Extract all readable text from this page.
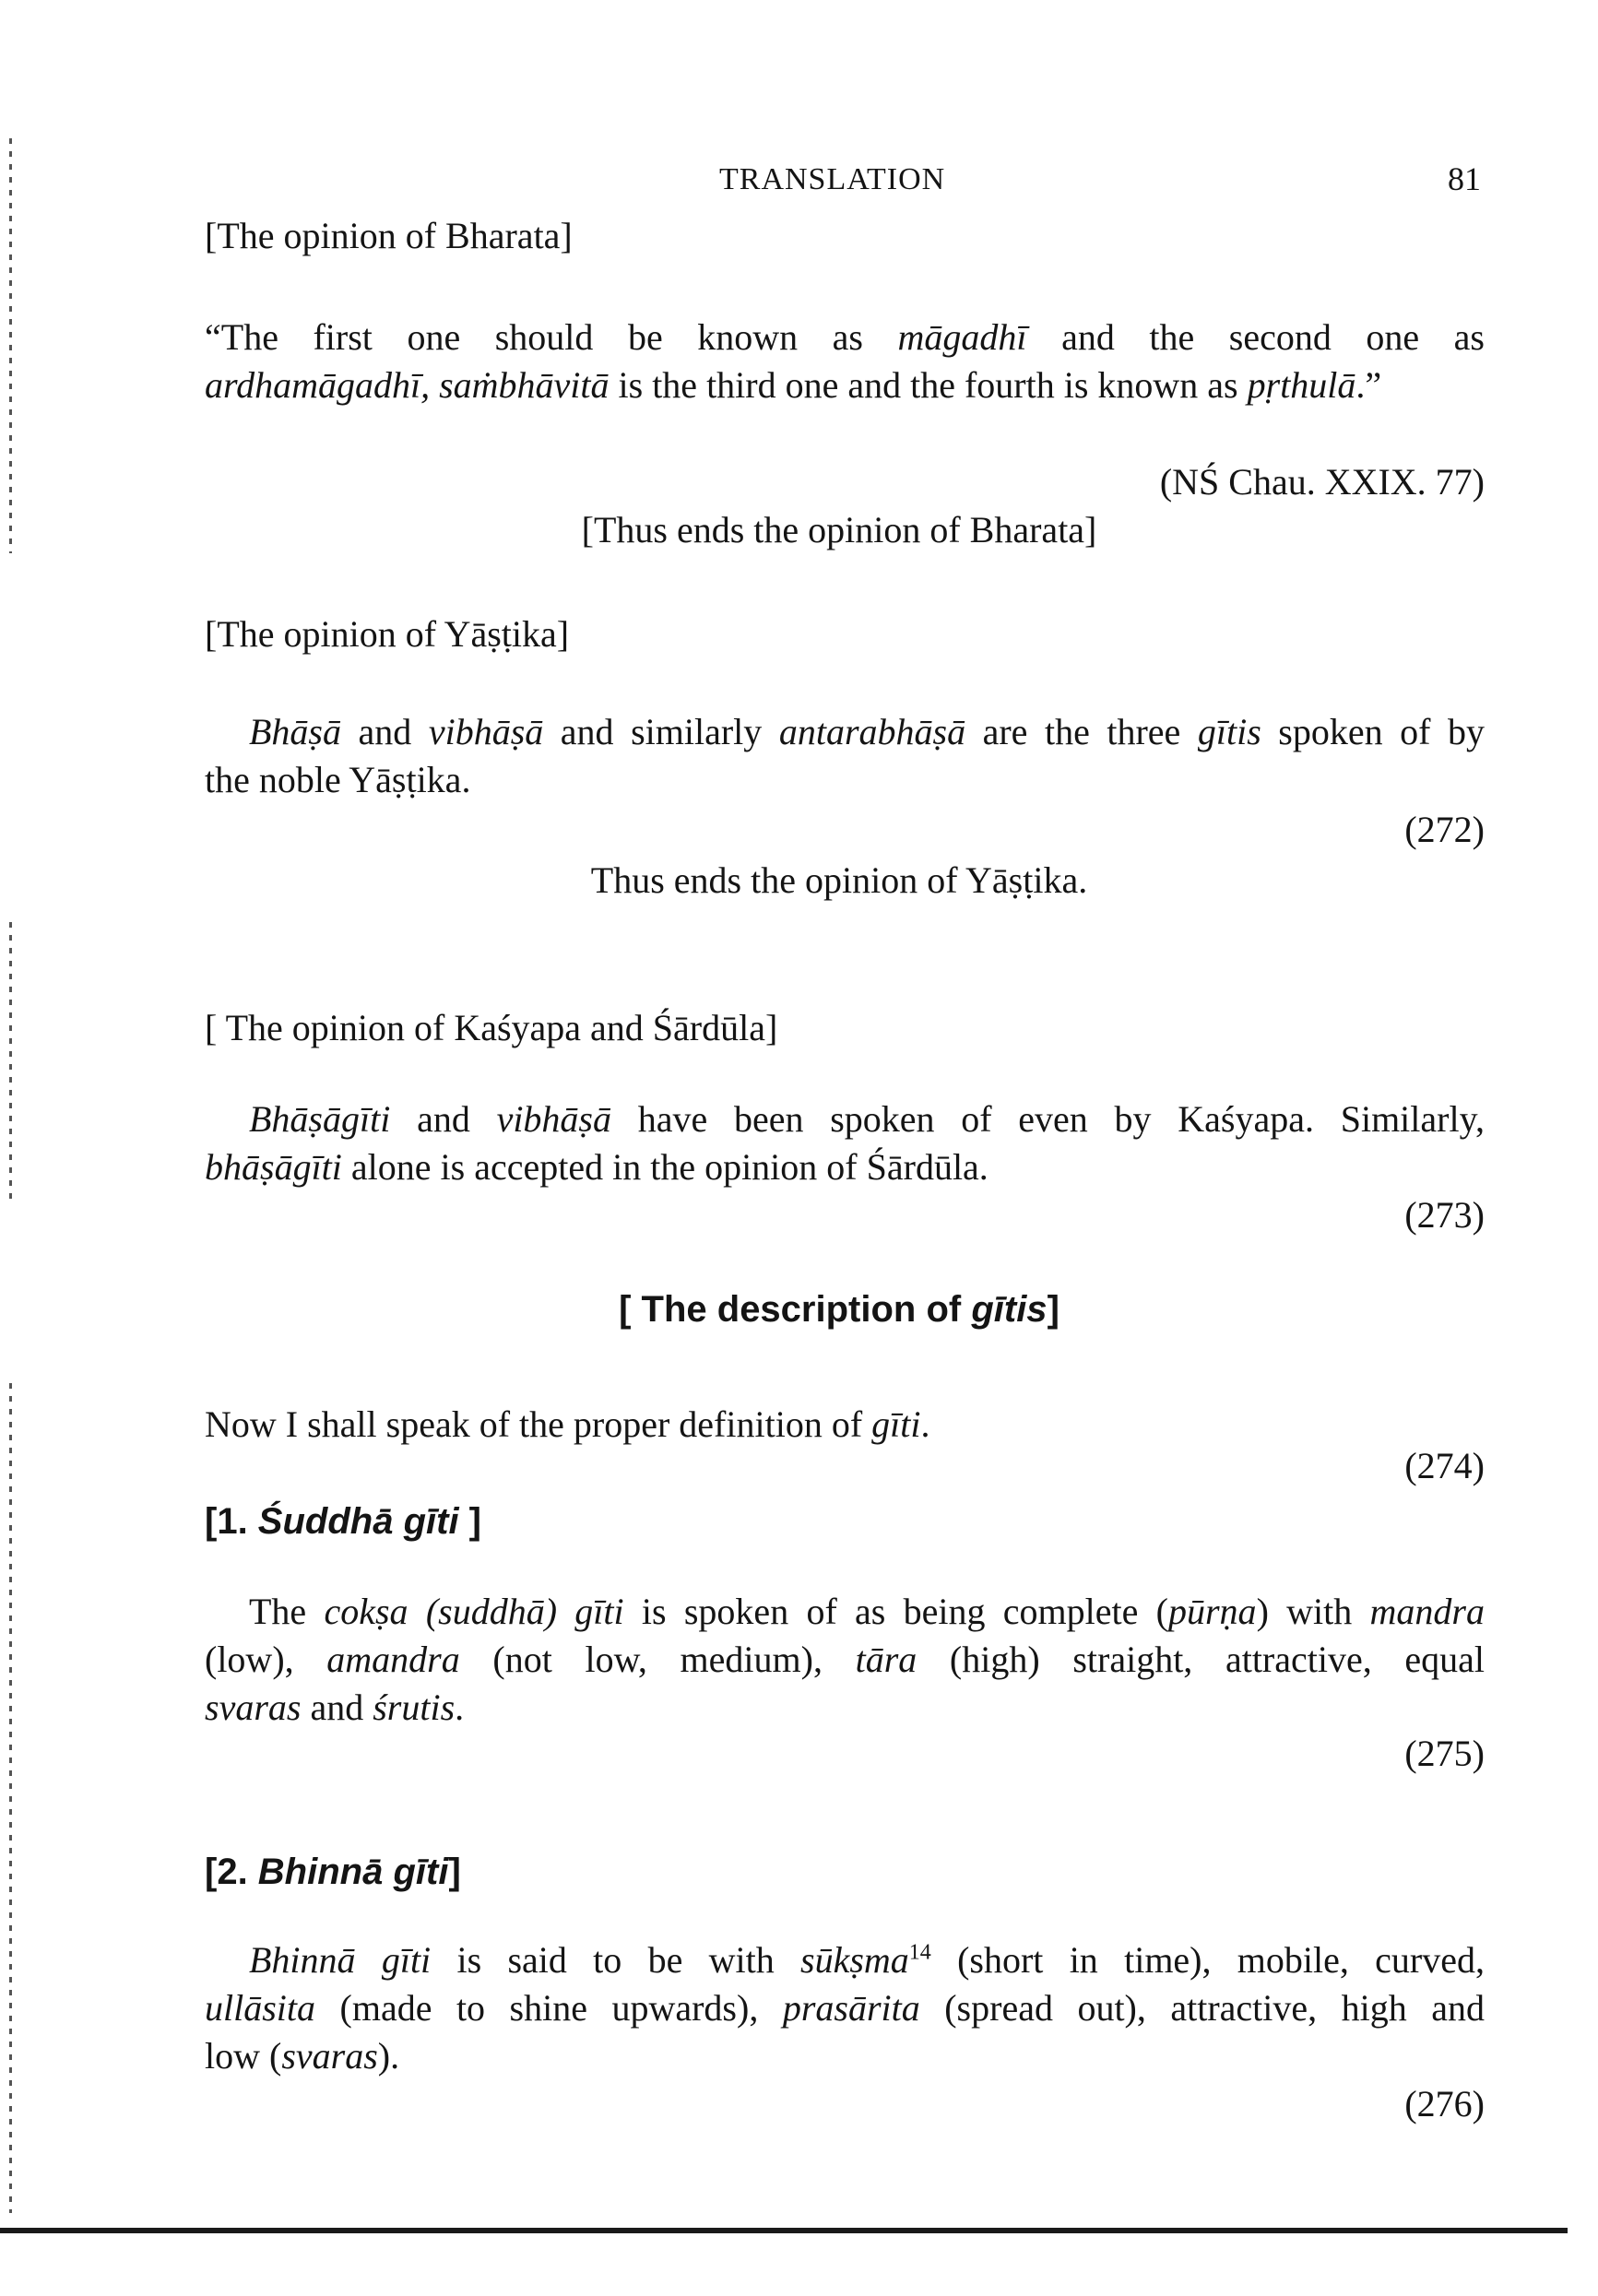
TRANSLATION	81
[The opinion of Bharata]
“The first one should be known as māgadhī and the second one as
ardhamāgadhī, saṁbhāvitā is the third one and the fourth is known as pṛthulā.”
(NŚ Chau. XXIX. 77)
[Thus ends the opinion of Bharata]
[The opinion of Yāṣṭika]
Bhāṣā and vibhāṣā and similarly antarabhāṣā are the three gītis spoken of by
the noble Yāṣṭika.
(272)
Thus ends the opinion of Yāṣṭika.
[ The opinion of Kaśyapa and Śārdūla]
Bhāṣāgīti and vibhāṣā have been spoken of even by Kaśyapa. Similarly,
bhāṣāgīti alone is accepted in the opinion of Śārdūla.
(273)
[ The description of gītis]
Now I shall speak of the proper definition of gīti.
(274)
[1. Śuddhā gīti ]
The cokṣa (suddhā) gīti is spoken of as being complete (pūrṇa) with mandra
(low), amandra (not low, medium), tāra (high) straight, attractive, equal
svaras and śrutis.
(275)
[2. Bhinnā gīti]
Bhinnā gīti is said to be with sūkṣma$^{14}$ (short in time), mobile, curved,
ullāsita (made to shine upwards), prasārita (spread out), attractive, high and
low (svaras).
(276)
